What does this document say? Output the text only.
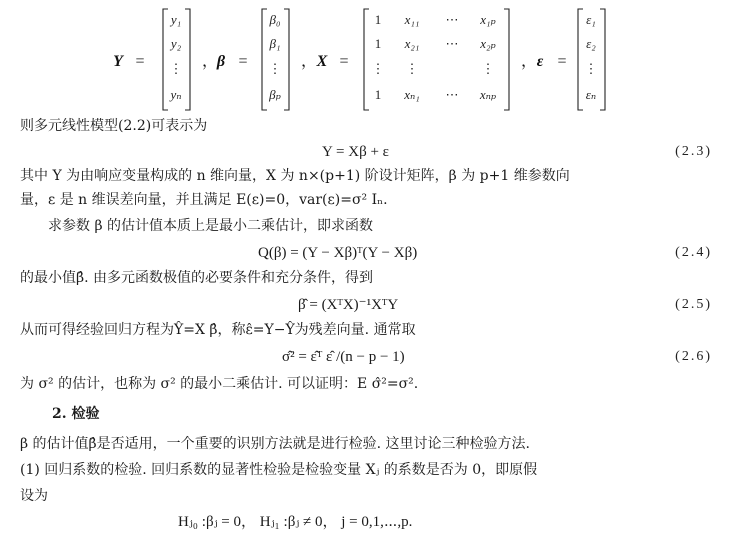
Y =
y₁
y₂
⋮
yₙ
，
β =
β₀
β₁
⋮
βₚ
， X =
1 x₁₁ ⋯ x₁ₚ
1 x₂₁ ⋯ x₂ₚ
⋮ ⋮	⋮
1 xₙ₁ ⋯ xₙₚ
， ε =
ε₁
ε₂
⋮
εₙ
则多元线性模型(2.2)可表示为
Y = Xβ + ε	(2.3)
其中 Y 为由响应变量构成的 n 维向量，X 为 n×(p+1) 阶设计矩阵，β 为 p+1 维参数向
量，ε 是 n 维误差向量，并且满足 E(ε)=0，var(ε)=σ² Iₙ.
求参数 β 的估计值本质上是最小二乘估计，即求函数
Q(β) = (Y − Xβ)ᵀ(Y − Xβ)	(2.4)
的最小值β̂. 由多元函数极值的必要条件和充分条件，得到
β̂ = (XᵀX)⁻¹XᵀY	(2.5)
从而可得经验回归方程为Ŷ=X β̂，称ε̂=Y−Ŷ为残差向量. 通常取
σ̂² = ε̂ᵀ ε̂ /(n − p − 1)	(2.6)
为 σ² 的估计，也称为 σ² 的最小二乘估计. 可以证明：E σ̂²=σ².
2. 检验
β 的估计值β̂是否适用，一个重要的识别方法就是进行检验. 这里讨论三种检验方法.
(1) 回归系数的检验. 回归系数的显著性检验是检验变量 Xⱼ 的系数是否为 0，即原假
设为
Hⱼ₀ :βⱼ = 0， Hⱼ₁ :βⱼ ≠ 0， j = 0,1,⋯,p.
